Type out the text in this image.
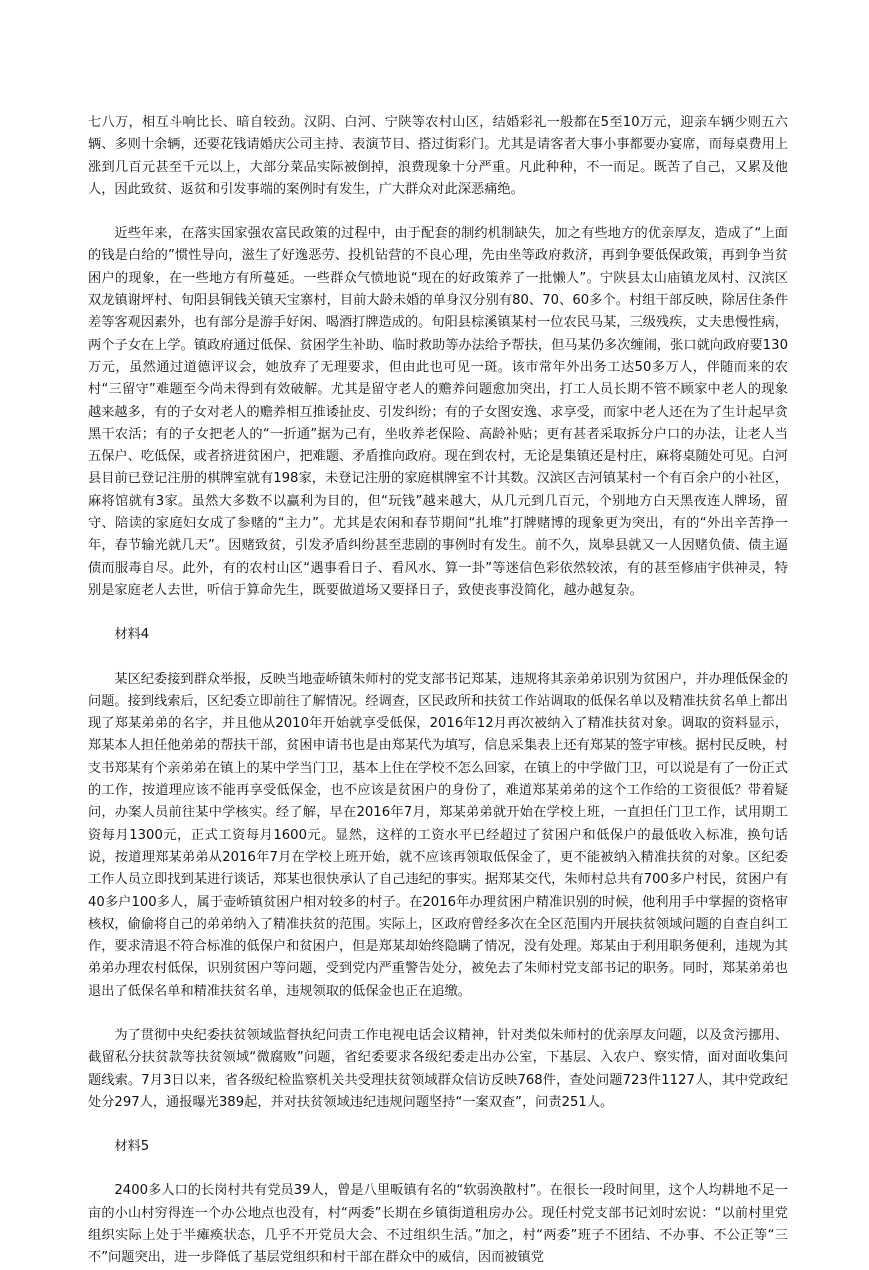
七八万，相互斗响比长、暗自较劲。汉阴、白河、宁陕等农村山区，结婚彩礼一般都在5至10万元，迎亲车辆少则五六辆、多则十余辆，还要花钱请婚庆公司主持、表演节目、搭过街彩门。尤其是请客者大事小事都要办宴席，而每桌费用上涨到几百元甚至千元以上，大部分菜品实际被倒掉，浪费现象十分严重。凡此种种，不一而足。既苦了自己，又累及他人，因此致贫、返贫和引发事端的案例时有发生，广大群众对此深恶痛绝。

近些年来，在落实国家强农富民政策的过程中，由于配套的制约机制缺失，加之有些地方的优亲厚友，造成了“上面的钱是白给的”惯性导向，滋生了好逸恶劳、投机钻营的不良心理，先由坐等政府救济，再到争要低保政策，再到争当贫困户的现象，在一些地方有所蔓延。一些群众气愤地说“现在的好政策养了一批懒人”。宁陕县太山庙镇龙凤村、汉滨区双龙镇谢坪村、旬阳县铜钱关镇天宝寨村，目前大龄未婚的单身汉分别有80、70、60多个。村组干部反映，除居住条件差等客观因素外，也有部分是游手好闲、喝酒打牌造成的。旬阳县棕溪镇某村一位农民马某，三级残疾，丈夫患慢性病，两个子女在上学。镇政府通过低保、贫困学生补助、临时救助等办法给予帮扶，但马某仍多次缠闹，张口就向政府要130万元，虽然通过道德评议会，她放弃了无理要求，但由此也可见一斑。该市常年外出务工达50多万人，伴随而来的农村“三留守”难题至今尚未得到有效破解。尤其是留守老人的赡养问题愈加突出，打工人员长期不管不顾家中老人的现象越来越多，有的子女对老人的赡养相互推诿扯皮、引发纠纷；有的子女图安逸、求享受，而家中老人还在为了生计起早贪黑干农活；有的子女把老人的“一折通”据为己有，坐收养老保险、高龄补贴；更有甚者采取拆分户口的办法，让老人当五保户、吃低保，或者挤进贫困户，把难题、矛盾推向政府。现在到农村，无论是集镇还是村庄，麻将桌随处可见。白河县目前已登记注册的棋牌室就有198家，未登记注册的家庭棋牌室不计其数。汉滨区吉河镇某村一个有百余户的小社区，麻将馆就有3家。虽然大多数不以赢利为目的，但“玩钱”越来越大，从几元到几百元，个别地方白天黑夜连人牌场，留守、陪读的家庭妇女成了参赌的“主力”。尤其是农闲和春节期间“扎堆”打牌赌博的现象更为突出，有的“外出辛苦挣一年，春节输光就几天”。因赌致贫，引发矛盾纠纷甚至悲剧的事例时有发生。前不久，岚皋县就又一人因赌负债、债主逼债而服毒自尽。此外，有的农村山区“遇事看日子、看风水、算一卦”等迷信色彩依然较浓，有的甚至修庙宇供神灵，特别是家庭老人去世，听信于算命先生，既要做道场又要择日子，致使丧事没简化，越办越复杂。

材料4

某区纪委接到群众举报，反映当地壶峤镇朱师村的党支部书记郑某，违规将其亲弟弟识别为贫困户，并办理低保金的问题。接到线索后，区纪委立即前往了解情况。经调查，区民政所和扶贫工作站调取的低保名单以及精准扶贫名单上都出现了郑某弟弟的名字，并且他从2010年开始就享受低保，2016年12月再次被纳入了精准扶贫对象。调取的资料显示，郑某本人担任他弟弟的帮扶干部，贫困申请书也是由郑某代为填写，信息采集表上还有郑某的签字审核。据村民反映，村支书郑某有个亲弟弟在镇上的某中学当门卫，基本上住在学校不怎么回家，在镇上的中学做门卫，可以说是有了一份正式的工作，按道理应该不能再享受低保金，也不应该是贫困户的身份了，难道郑某弟弟的这个工作给的工资很低？带着疑问，办案人员前往某中学核实。经了解，早在2016年7月，郑某弟弟就开始在学校上班，一直担任门卫工作，试用期工资每月1300元，正式工资每月1600元。显然，这样的工资水平已经超过了贫困户和低保户的最低收入标准，换句话说，按道理郑某弟弟从2016年7月在学校上班开始，就不应该再领取低保金了，更不能被纳入精准扶贫的对象。区纪委工作人员立即找到某进行谈话，郑某也很快承认了自己违纪的事实。据郑某交代，朱师村总共有700多户村民，贫困户有40多户100多人，属于壶峤镇贫困户相对较多的村子。在2016年办理贫困户精准识别的时候，他利用手中掌握的资格审核权，偷偷将自己的弟弟纳入了精准扶贫的范围。实际上，区政府曾经多次在全区范围内开展扶贫领域问题的自查自纠工作，要求清退不符合标准的低保户和贫困户，但是郑某却始终隐瞒了情况，没有处理。郑某由于利用职务便利，违规为其弟弟办理农村低保，识别贫困户等问题，受到党内严重警告处分，被免去了朱师村党支部书记的职务。同时，郑某弟弟也退出了低保名单和精准扶贫名单，违规领取的低保金也正在追缴。

为了贯彻中央纪委扶贫领域监督执纪问责工作电视电话会议精神，针对类似朱师村的优亲厚友问题，以及贪污挪用、截留私分扶贫款等扶贫领域“微腐败”问题，省纪委要求各级纪委走出办公室，下基层、入农户、察实情，面对面收集问题线索。7月3日以来，省各级纪检监察机关共受理扶贫领域群众信访反映768件，查处问题723件1127人，其中党政纪处分297人，通报曝光389起，并对扶贫领域违纪违规问题坚持“一案双查”，问责251人。

材料5

2400多人口的长岗村共有党员39人，曾是八里畈镇有名的“软弱涣散村”。在很长一段时间里，这个人均耕地不足一亩的小山村穷得连一个办公地点也没有，村“两委”长期在乡镇街道租房办公。现任村党支部书记刘时宏说：“以前村里党组织实际上处于半瘫痪状态，几乎不开党员大会、不过组织生活。”加之，村“两委”班子不团结、不办事、不公正等“三不”问题突出，进一步降低了基层党组织和村干部在群众中的威信，因而被镇党
